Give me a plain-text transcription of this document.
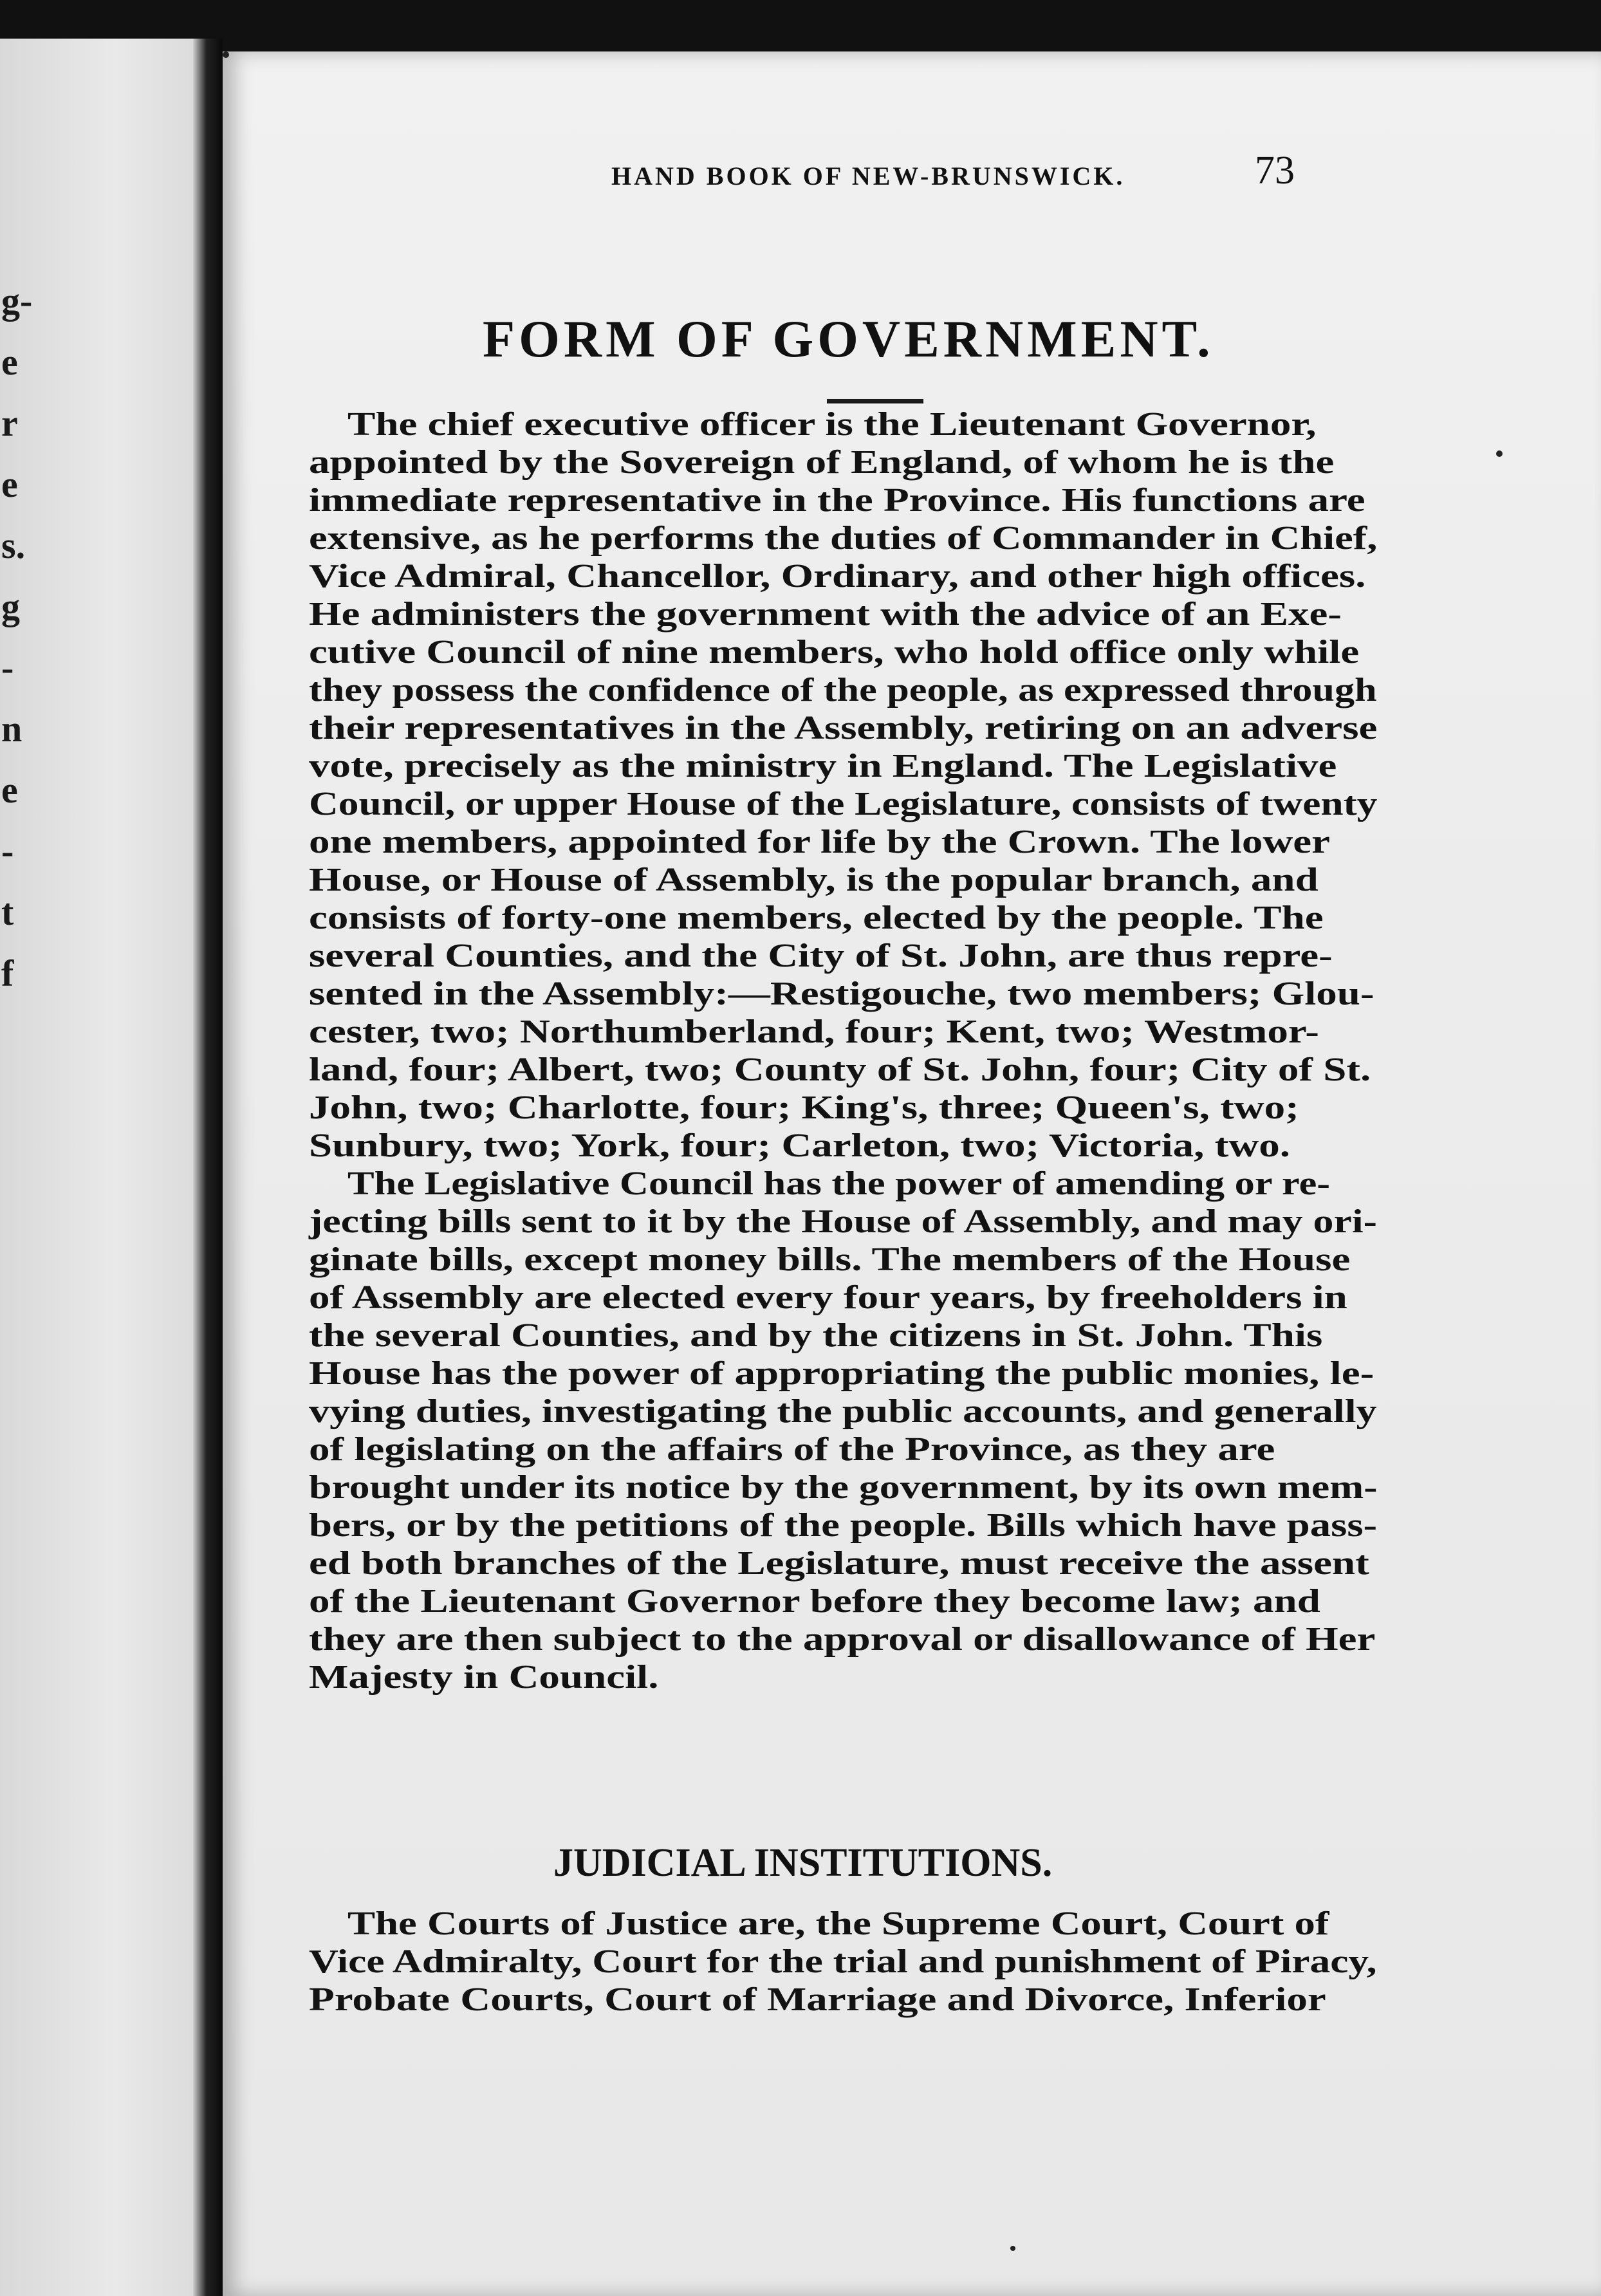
g-
e
r
e
s.
g
-
n
e
-
t
f
HAND BOOK OF NEW-BRUNSWICK.	73
FORM OF GOVERNMENT.
The chief executive officer is the Lieutenant Governor,
appointed by the Sovereign of England, of whom he is the
immediate representative in the Province. His functions are
extensive, as he performs the duties of Commander in Chief,
Vice Admiral, Chancellor, Ordinary, and other high offices.
He administers the government with the advice of an Exe-
cutive Council of nine members, who hold office only while
they possess the confidence of the people, as expressed through
their representatives in the Assembly, retiring on an adverse
vote, precisely as the ministry in England. The Legislative
Council, or upper House of the Legislature, consists of twenty
one members, appointed for life by the Crown. The lower
House, or House of Assembly, is the popular branch, and
consists of forty-one members, elected by the people. The
several Counties, and the City of St. John, are thus repre-
sented in the Assembly:—Restigouche, two members; Glou-
cester, two; Northumberland, four; Kent, two; Westmor-
land, four; Albert, two; County of St. John, four; City of St.
John, two; Charlotte, four; King's, three; Queen's, two;
Sunbury, two; York, four; Carleton, two; Victoria, two.
The Legislative Council has the power of amending or re-
jecting bills sent to it by the House of Assembly, and may ori-
ginate bills, except money bills. The members of the House
of Assembly are elected every four years, by freeholders in
the several Counties, and by the citizens in St. John. This
House has the power of appropriating the public monies, le-
vying duties, investigating the public accounts, and generally
of legislating on the affairs of the Province, as they are
brought under its notice by the government, by its own mem-
bers, or by the petitions of the people. Bills which have pass-
ed both branches of the Legislature, must receive the assent
of the Lieutenant Governor before they become law; and
they are then subject to the approval or disallowance of Her
Majesty in Council.
JUDICIAL INSTITUTIONS.
The Courts of Justice are, the Supreme Court, Court of
Vice Admiralty, Court for the trial and punishment of Piracy,
Probate Courts, Court of Marriage and Divorce, Inferior
